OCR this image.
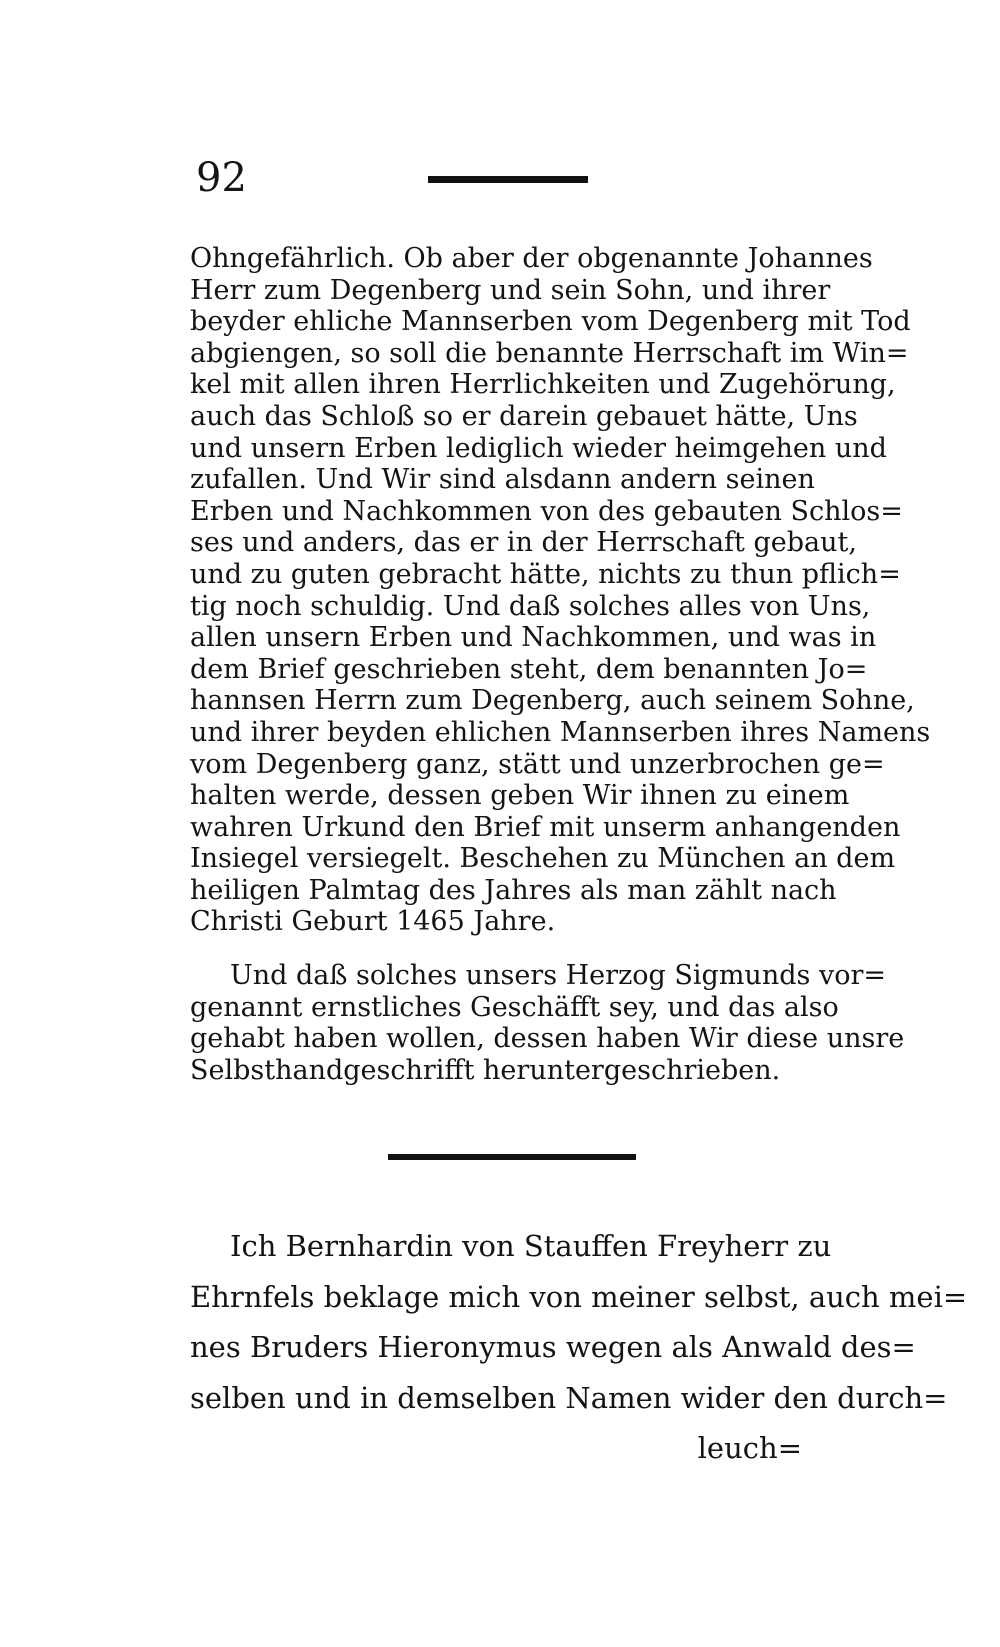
92
Ohngefährlich. Ob aber der obgenannte Johannes
Herr zum Degenberg und sein Sohn, und ihrer
beyder ehliche Mannserben vom Degenberg mit Tod
abgiengen, so soll die benannte Herrschaft im Win=
kel mit allen ihren Herrlichkeiten und Zugehörung,
auch das Schloß so er darein gebauet hätte, Uns
und unsern Erben lediglich wieder heimgehen und
zufallen. Und Wir sind alsdann andern seinen
Erben und Nachkommen von des gebauten Schlos=
ses und anders, das er in der Herrschaft gebaut,
und zu guten gebracht hätte, nichts zu thun pflich=
tig noch schuldig. Und daß solches alles von Uns,
allen unsern Erben und Nachkommen, und was in
dem Brief geschrieben steht, dem benannten Jo=
hannsen Herrn zum Degenberg, auch seinem Sohne,
und ihrer beyden ehlichen Mannserben ihres Namens
vom Degenberg ganz, stätt und unzerbrochen ge=
halten werde, dessen geben Wir ihnen zu einem
wahren Urkund den Brief mit unserm anhangenden
Insiegel versiegelt. Beschehen zu München an dem
heiligen Palmtag des Jahres als man zählt nach
Christi Geburt 1465 Jahre.
Und daß solches unsers Herzog Sigmunds vor=
genannt ernstliches Geschäfft sey, und das also
gehabt haben wollen, dessen haben Wir diese unsre
Selbsthandgeschrifft heruntergeschrieben.
Ich Bernhardin von Stauffen Freyherr zu
Ehrnfels beklage mich von meiner selbst, auch mei=
nes Bruders Hieronymus wegen als Anwald des=
selben und in demselben Namen wider den durch=
leuch=
